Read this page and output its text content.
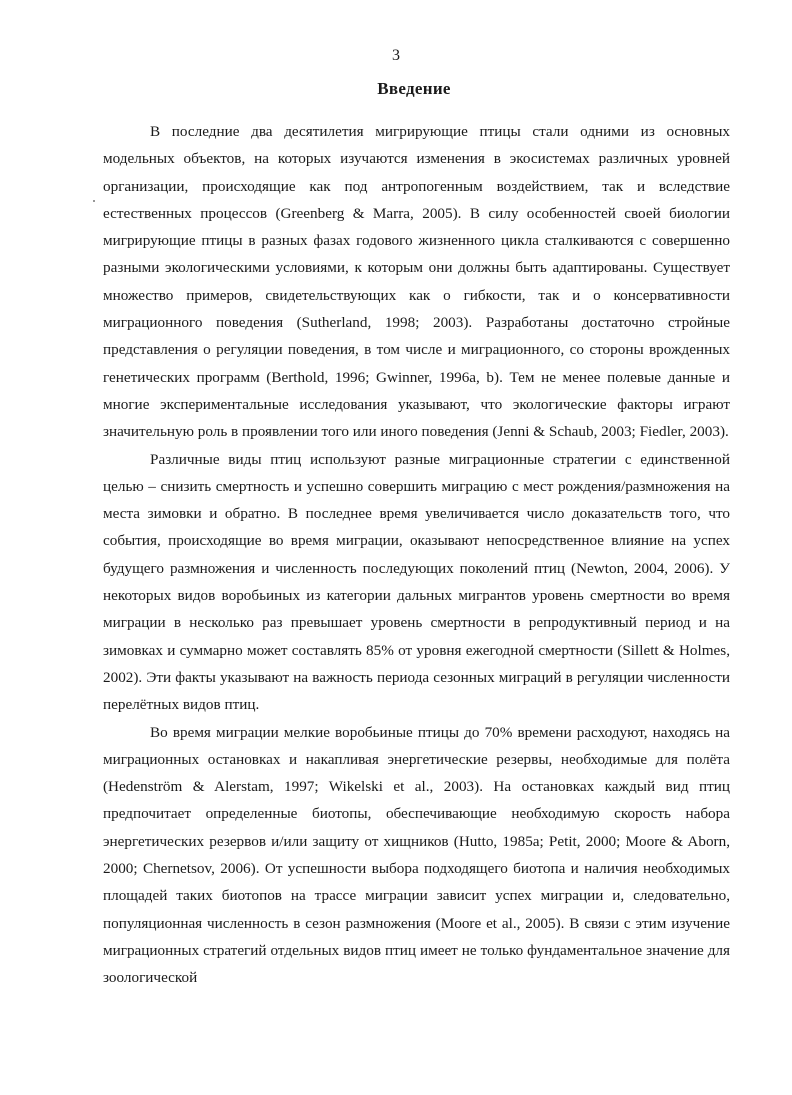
3
Введение

В последние два десятилетия мигрирующие птицы стали одними из основных модельных объектов, на которых изучаются изменения в экосистемах различных уровней организации, происходящие как под антропогенным воздействием, так и вследствие естественных процессов (Greenberg & Marra, 2005). В силу особенностей своей биологии мигрирующие птицы в разных фазах годового жизненного цикла сталкиваются с совершенно разными экологическими условиями, к которым они должны быть адаптированы. Существует множество примеров, свидетельствующих как о гибкости, так и о консервативности миграционного поведения (Sutherland, 1998; 2003). Разработаны достаточно стройные представления о регуляции поведения, в том числе и миграционного, со стороны врожденных генетических программ (Berthold, 1996; Gwinner, 1996a, b). Тем не менее полевые данные и многие экспериментальные исследования указывают, что экологические факторы играют значительную роль в проявлении того или иного поведения (Jenni & Schaub, 2003; Fiedler, 2003).

Различные виды птиц используют разные миграционные стратегии с единственной целью – снизить смертность и успешно совершить миграцию с мест рождения/размножения на места зимовки и обратно. В последнее время увеличивается число доказательств того, что события, происходящие во время миграции, оказывают непосредственное влияние на успех будущего размножения и численность последующих поколений птиц (Newton, 2004, 2006). У некоторых видов воробьиных из категории дальных мигрантов уровень смертности во время миграции в несколько раз превышает уровень смертности в репродуктивный период и на зимовках и суммарно может составлять 85% от уровня ежегодной смертности (Sillett & Holmes, 2002). Эти факты указывают на важность периода сезонных миграций в регуляции численности перелётных видов птиц.

Во время миграции мелкие воробьиные птицы до 70% времени расходуют, находясь на миграционных остановках и накапливая энергетические резервы, необходимые для полёта (Hedenström & Alerstam, 1997; Wikelski et al., 2003). На остановках каждый вид птиц предпочитает определенные биотопы, обеспечивающие необходимую скорость набора энергетических резервов и/или защиту от хищников (Hutto, 1985a; Petit, 2000; Moore & Aborn, 2000; Chernetsov, 2006). От успешности выбора подходящего биотопа и наличия необходимых площадей таких биотопов на трассе миграции зависит успех миграции и, следовательно, популяционная численность в сезон размножения (Moore et al., 2005). В связи с этим изучение миграционных стратегий отдельных видов птиц имеет не только фундаментальное значение для зоологической
